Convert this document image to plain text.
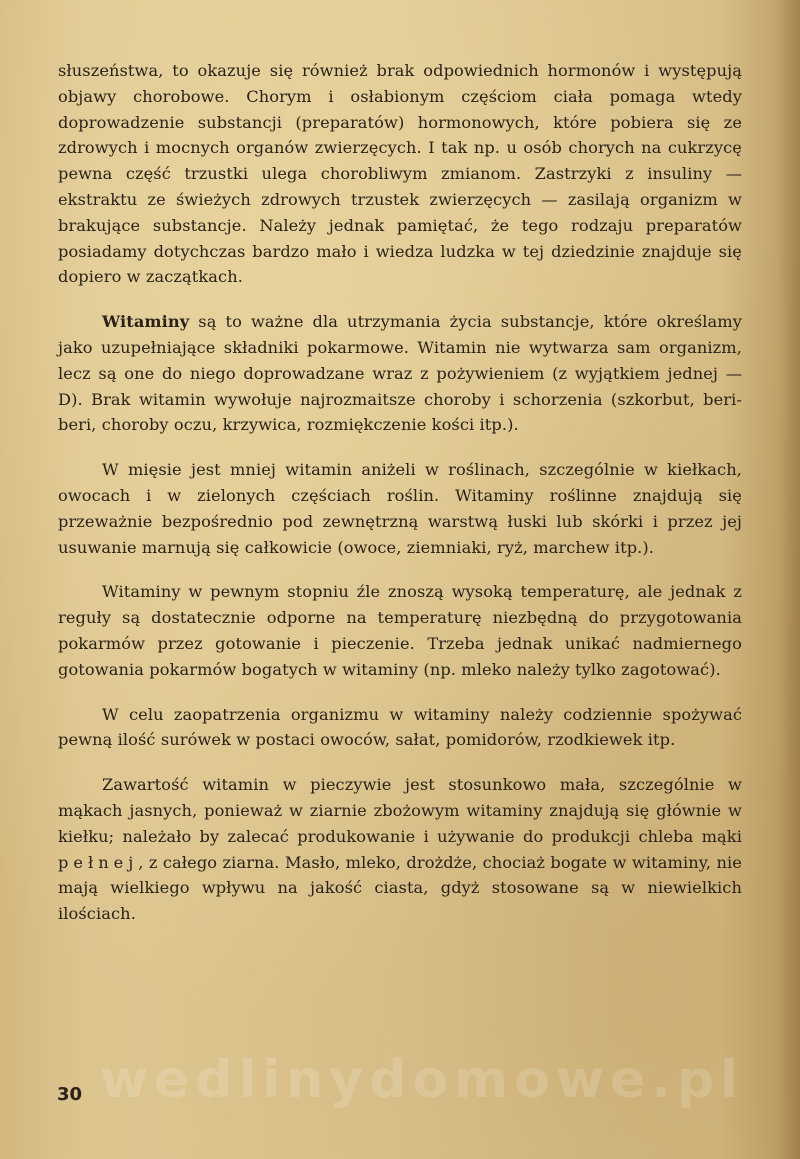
słuszeństwa, to okazuje się również brak odpowiednich hormonów i występują objawy chorobowe. Chorym i osłabionym częściom ciała pomaga wtedy doprowadzenie substancji (preparatów) hormonowych, które pobiera się ze zdrowych i mocnych organów zwierzęcych. I tak np. u osób chorych na cukrzycę pewna część trzustki ulega chorobliwym zmianom. Zastrzyki z insuliny — ekstraktu ze świeżych zdrowych trzustek zwierzęcych — zasilają organizm w brakujące substancje. Należy jednak pamiętać, że tego rodzaju preparatów posiadamy dotychczas bardzo mało i wiedza ludzka w tej dziedzinie znajduje się dopiero w zaczątkach.

Witaminy są to ważne dla utrzymania życia substancje, które określamy jako uzupełniające składniki pokarmowe. Witamin nie wytwarza sam organizm, lecz są one do niego doprowadzane wraz z pożywieniem (z wyjątkiem jednej — D). Brak witamin wywołuje najrozmaitsze choroby i schorzenia (szkorbut, beri-beri, choroby oczu, krzywica, rozmiękczenie kości itp.).

W mięsie jest mniej witamin aniżeli w roślinach, szczególnie w kiełkach, owocach i w zielonych częściach roślin. Witaminy roślinne znajdują się przeważnie bezpośrednio pod zewnętrzną warstwą łuski lub skórki i przez jej usuwanie marnują się całkowicie (owoce, ziemniaki, ryż, marchew itp.).

Witaminy w pewnym stopniu źle znoszą wysoką temperaturę, ale jednak z reguły są dostatecznie odporne na temperaturę niezbędną do przygotowania pokarmów przez gotowanie i pieczenie. Trzeba jednak unikać nadmiernego gotowania pokarmów bogatych w witaminy (np. mleko należy tylko zagotować).

W celu zaopatrzenia organizmu w witaminy należy codziennie spożywać pewną ilość surówek w postaci owoców, sałat, pomidorów, rzodkiewek itp.

Zawartość witamin w pieczywie jest stosunkowo mała, szczególnie w mąkach jasnych, ponieważ w ziarnie zbożowym witaminy znajdują się głównie w kiełku; należało by zalecać produkowanie i używanie do produkcji chleba mąki pełnej, z całego ziarna. Masło, mleko, drożdże, chociaż bogate w witaminy, nie mają wielkiego wpływu na jakość ciasta, gdyż stosowane są w niewielkich ilościach.

wedlinydomowe.pl
30
